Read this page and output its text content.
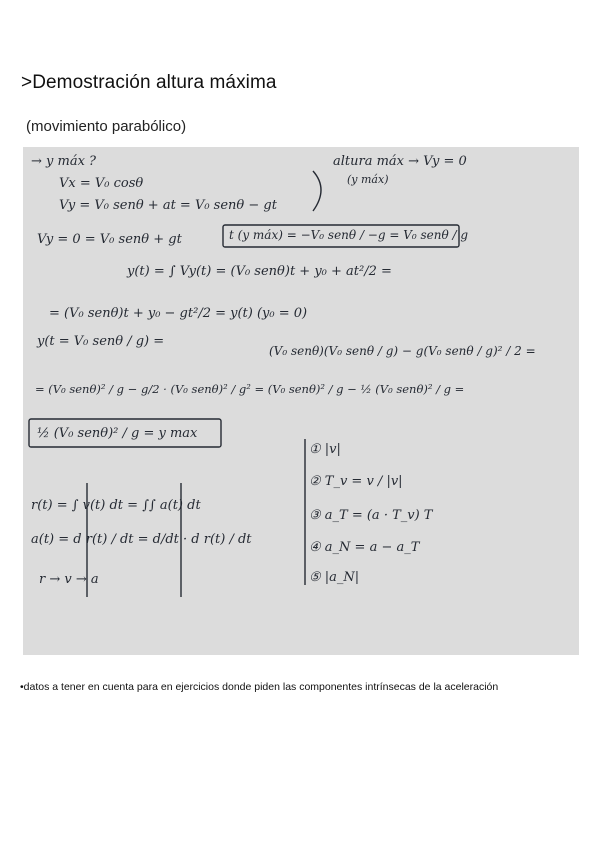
>Demostración altura máxima

(movimiento parabólico)

→ y máx ?
Vx = V₀ cosθ
Vy = V₀ senθ + at = V₀ senθ − gt
altura máx → Vy = 0
(y máx)
Vy = 0 = V₀ senθ + gt	t (y máx) = −V₀ senθ / −g = V₀ senθ / g
y(t) = ∫ Vy(t) = (V₀ senθ)t + y₀ + at²/2 =
= (V₀ senθ)t + y₀ − gt²/2 = y(t) (y₀ = 0)
y(t = V₀ senθ / g) =
(V₀ senθ)(V₀ senθ / g) − g(V₀ senθ / g)² / 2 =
= (V₀ senθ)² / g − g/2 · (V₀ senθ)² / g² = (V₀ senθ)² / g − ½ (V₀ senθ)² / g =
½ (V₀ senθ)² / g = y max
r(t) = ∫ v(t) dt = ∫∫ a(t) dt
a(t) = d r(t) / dt = d/dt · d r(t) / dt
r → v → a
① |v|
② T_v = v / |v|
③ a_T = (a · T_v) T
④ a_N = a − a_T
⑤ |a_N|

•datos a tener en cuenta para en ejercicios donde piden las componentes intrínsecas de la aceleración
